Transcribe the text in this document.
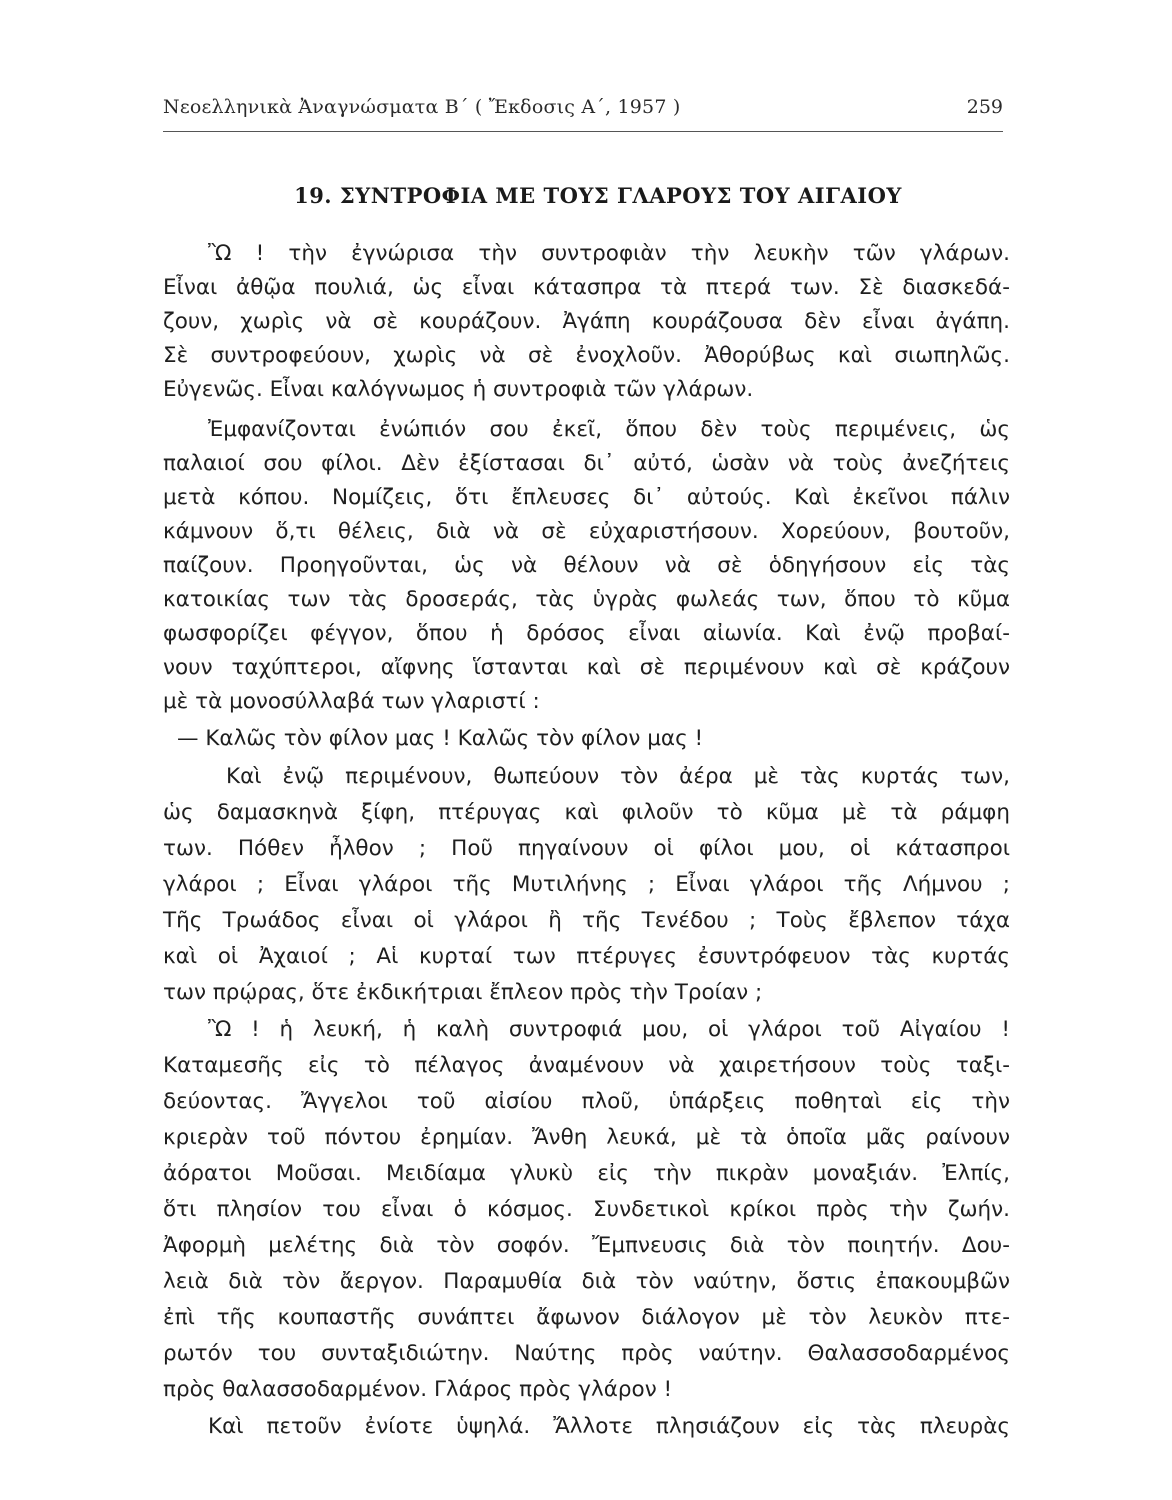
Νεοελληνικὰ Ἀναγνώσματα Β΄ ( Ἔκδοσις Α΄, 1957 )	259
19. ΣΥΝΤΡΟΦΙΑ ΜΕ ΤΟΥΣ ΓΛΑΡΟΥΣ ΤΟΥ ΑΙΓΑΙΟΥ
Ὢ ! τὴν ἐγνώρισα τὴν συντροφιὰν τὴν λευκὴν τῶν γλάρων.
Εἶναι ἀθῷα πουλιά, ὡς εἶναι κάτασπρα τὰ πτερά των. Σὲ διασκεδά-
ζουν, χωρὶς νὰ σὲ κουράζουν. Ἀγάπη κουράζουσα δὲν εἶναι ἀγάπη.
Σὲ συντροφεύουν, χωρὶς νὰ σὲ ἐνοχλοῦν. Ἀθορύβως καὶ σιωπηλῶς.
Εὐγενῶς. Εἶναι καλόγνωμος ἡ συντροφιὰ τῶν γλάρων.
Ἐμφανίζονται ἐνώπιόν σου ἐκεῖ, ὅπου δὲν τοὺς περιμένεις, ὡς
παλαιοί σου φίλοι. Δὲν ἐξίστασαι δι᾽ αὐτό, ὡσὰν νὰ τοὺς ἀνεζήτεις
μετὰ κόπου. Νομίζεις, ὅτι ἔπλευσες δι᾽ αὐτούς. Καὶ ἐκεῖνοι πάλιν
κάμνουν ὅ,τι θέλεις, διὰ νὰ σὲ εὐχαριστήσουν. Χορεύουν, βουτοῦν,
παίζουν. Προηγοῦνται, ὡς νὰ θέλουν νὰ σὲ ὁδηγήσουν εἰς τὰς
κατοικίας των τὰς δροσεράς, τὰς ὑγρὰς φωλεάς των, ὅπου τὸ κῦμα
φωσφορίζει φέγγον, ὅπου ἡ δρόσος εἶναι αἰωνία. Καὶ ἐνῷ προβαί-
νουν ταχύπτεροι, αἴφνης ἵστανται καὶ σὲ περιμένουν καὶ σὲ κράζουν
μὲ τὰ μονοσύλλαβά των γλαριστί :
— Καλῶς τὸν φίλον μας ! Καλῶς τὸν φίλον μας !
Καὶ ἐνῷ περιμένουν, θωπεύουν τὸν ἀέρα μὲ τὰς κυρτάς των,
ὡς δαμασκηνὰ ξίφη, πτέρυγας καὶ φιλοῦν τὸ κῦμα μὲ τὰ ράμφη
των. Πόθεν ἦλθον ; Ποῦ πηγαίνουν οἱ φίλοι μου, οἱ κάτασπροι
γλάροι ; Εἶναι γλάροι τῆς Μυτιλήνης ; Εἶναι γλάροι τῆς Λήμνου ;
Τῆς Τρωάδος εἶναι οἱ γλάροι ἢ τῆς Τενέδου ; Τοὺς ἔβλεπον τάχα
καὶ οἱ Ἀχαιοί ; Αἱ κυρταί των πτέρυγες ἐσυντρόφευον τὰς κυρτάς
των πρῴρας, ὅτε ἐκδικήτριαι ἔπλεον πρὸς τὴν Τροίαν ;
Ὢ ! ἡ λευκή, ἡ καλὴ συντροφιά μου, οἱ γλάροι τοῦ Αἰγαίου !
Καταμεσῆς εἰς τὸ πέλαγος ἀναμένουν νὰ χαιρετήσουν τοὺς ταξι-
δεύοντας. Ἄγγελοι τοῦ αἰσίου πλοῦ, ὑπάρξεις ποθηταὶ εἰς τὴν
κριερὰν τοῦ πόντου ἐρημίαν. Ἄνθη λευκά, μὲ τὰ ὁποῖα μᾶς ραίνουν
ἀόρατοι Μοῦσαι. Μειδίαμα γλυκὺ εἰς τὴν πικρὰν μοναξιάν. Ἐλπίς,
ὅτι πλησίον του εἶναι ὁ κόσμος. Συνδετικοὶ κρίκοι πρὸς τὴν ζωήν.
Ἀφορμὴ μελέτης διὰ τὸν σοφόν. Ἔμπνευσις διὰ τὸν ποιητήν. Δου-
λειὰ διὰ τὸν ἄεργον. Παραμυθία διὰ τὸν ναύτην, ὅστις ἐπακουμβῶν
ἐπὶ τῆς κουπαστῆς συνάπτει ἄφωνον διάλογον μὲ τὸν λευκὸν πτε-
ρωτόν του συνταξιδιώτην. Ναύτης πρὸς ναύτην. Θαλασσοδαρμένος
πρὸς θαλασσοδαρμένον. Γλάρος πρὸς γλάρον !
Καὶ πετοῦν ἐνίοτε ὑψηλά. Ἄλλοτε πλησιάζουν εἰς τὰς πλευρὰς
